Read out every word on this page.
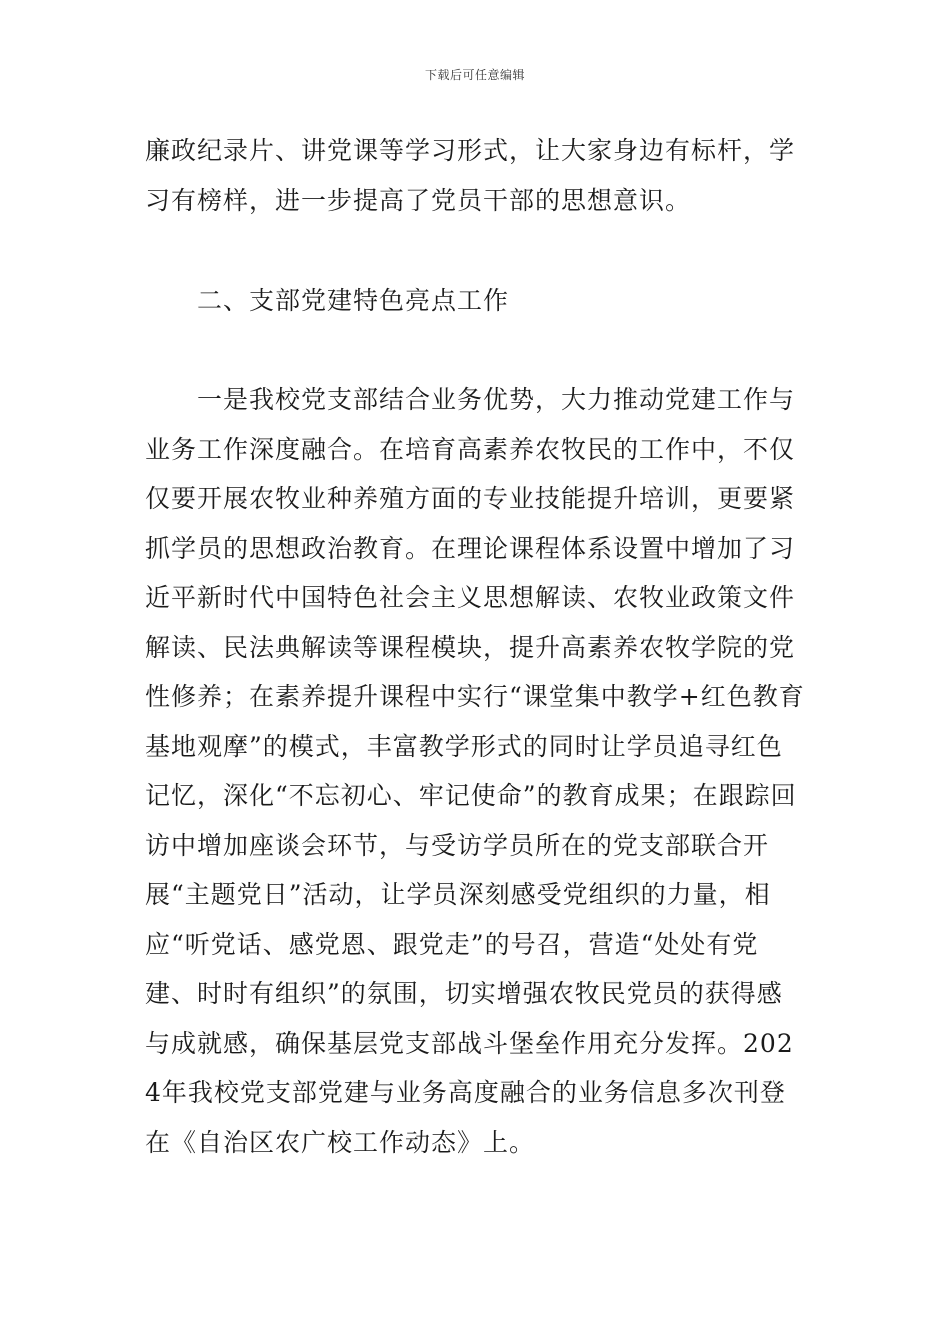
下载后可任意编辑

廉政纪录片、讲党课等学习形式，让大家身边有标杆，学习有榜样，进一步提高了党员干部的思想意识。

二、支部党建特色亮点工作

一是我校党支部结合业务优势，大力推动党建工作与业务工作深度融合。在培育高素养农牧民的工作中，不仅仅要开展农牧业种养殖方面的专业技能提升培训，更要紧抓学员的思想政治教育。在理论课程体系设置中增加了习近平新时代中国特色社会主义思想解读、农牧业政策文件解读、民法典解读等课程模块，提升高素养农牧学院的党性修养；在素养提升课程中实行“课堂集中教学+红色教育基地观摩”的模式，丰富教学形式的同时让学员追寻红色记忆，深化“不忘初心、牢记使命”的教育成果；在跟踪回访中增加座谈会环节，与受访学员所在的党支部联合开展“主题党日”活动，让学员深刻感受党组织的力量，相应“听党话、感党恩、跟党走”的号召，营造“处处有党建、时时有组织”的氛围，切实增强农牧民党员的获得感与成就感，确保基层党支部战斗堡垒作用充分发挥。2024年我校党支部党建与业务高度融合的业务信息多次刊登在《自治区农广校工作动态》上。
